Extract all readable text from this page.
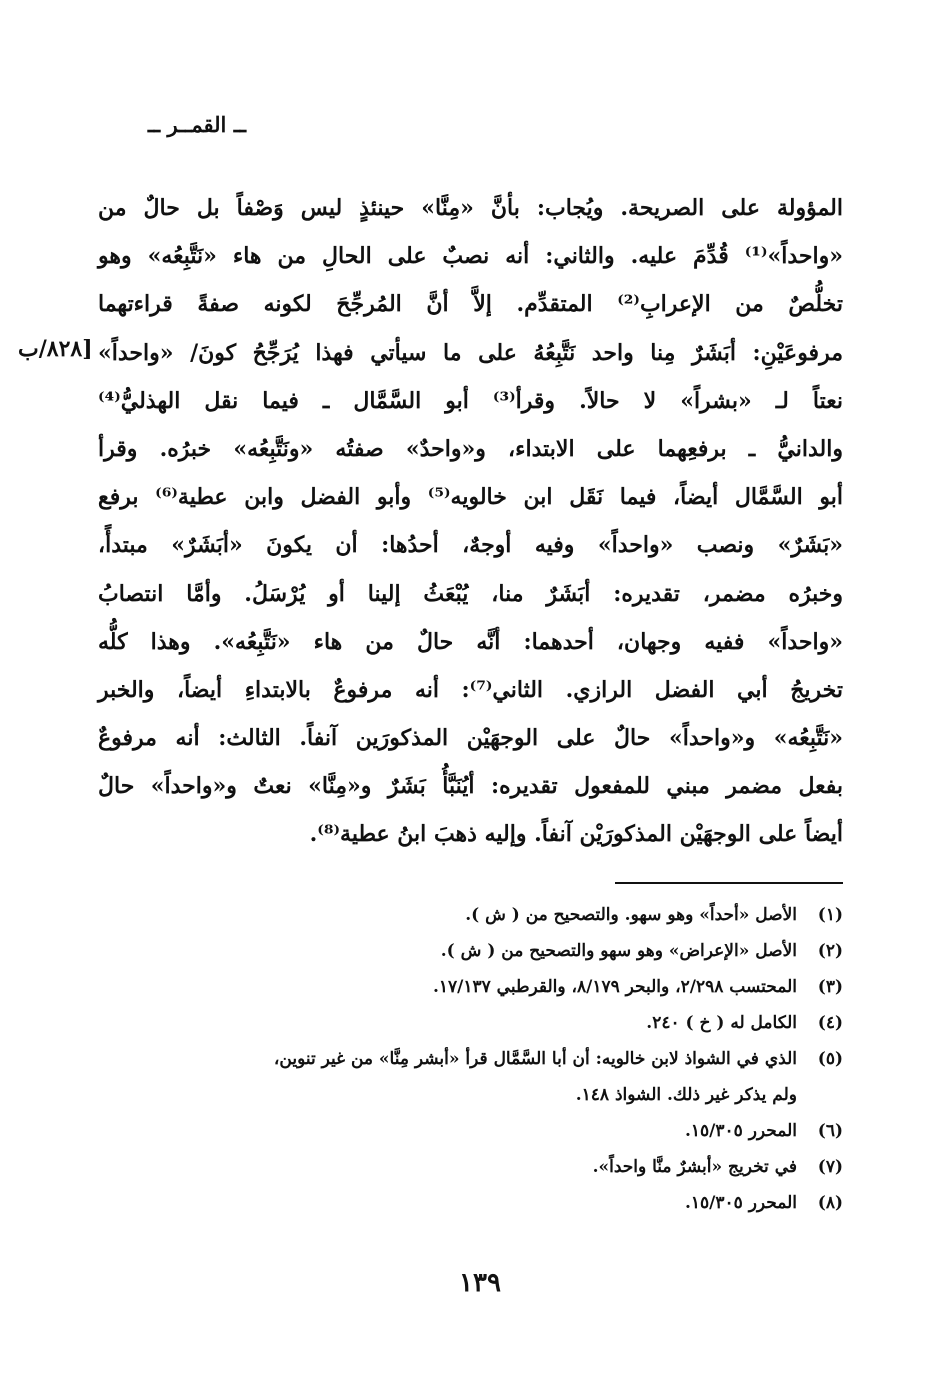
ــ القمــر ــ
[٨٢٨/ب
المؤولة على الصريحة. ويُجاب: بأنَّ «مِنَّا» حينئذٍ ليس وَصْفاً بل حالٌ من
«واحداً»⁽¹⁾ قُدِّمَ عليه. والثاني: أنه نصبٌ على الحالِ من هاء «نَتَّبِعُه» وهو
تخلُّصٌ من الإعرابِ⁽²⁾ المتقدِّم. إلاَّ أنَّ المُرجِّحَ لكونه صفةً قراءتهما
مرفوعَيْنِ: أبَشَرٌ مِنا واحد نَتَّبِعُهُ على ما سيأتي فهذا يُرَجِّحُ كونَ/ «واحداً»
نعتاً لـ «بشراً» لا حالاً. وقرأ⁽³⁾ أبو السَّمَّال ـ فيما نقل الهذليُّ⁽⁴⁾
والدانيُّ ـ برفعِهما على الابتداء، و«واحدٌ» صفتُه «ونَتَّبِعُه» خبرُه. وقرأ
أبو السَّمَّال أيضاً، فيما نَقَل ابن خالويه⁽⁵⁾ وأبو الفضل وابن عطية⁽⁶⁾ برفع
«بَشَرٌ» ونصب «واحداً» وفيه أوجهٌ، أحدُها: أن يكونَ «أبَشَرٌ» مبتدأً،
وخبرُه مضمر، تقديره: أبَشَرٌ منا، يُبْعَثُ إلينا أو يُرْسَلُ. وأمَّا انتصابُ
«واحداً» ففيه وجهان، أحدهما: أنَّه حالٌ من هاء «نَتَّبِعُه». وهذا كلُّه
تخريجُ أبي الفضل الرازي. الثاني⁽⁷⁾: أنه مرفوعٌ بالابتداءِ أيضاً، والخبر
«نَتَّبِعُه» و«واحداً» حالٌ على الوجهَيْن المذكورَين آنفاً. الثالث: أنه مرفوعٌ
بفعل مضمر مبني للمفعول تقديره: أيُنَبَّأُ بَشَرٌ و«مِنَّا» نعتٌ و«واحداً» حالٌ
أيضاً على الوجهَيْن المذكورَيْن آنفاً. وإليه ذهبَ ابنُ عطية⁽⁸⁾.
(١)
الأصل «أحداً» وهو سهو. والتصحيح من ( ش ).
(٢)
الأصل «الإعراض» وهو سهو والتصحيح من ( ش ).
(٣)
المحتسب ٢/٢٩٨، والبحر ٨/١٧٩، والقرطبي ١٧/١٣٧.
(٤)
الكامل له ( خ ) ٢٤٠.
(٥)
الذي في الشواذ لابن خالويه: أن أبا السَّمَّال قرأ «أبشر مِنَّا» من غير تنوين،
ولم يذكر غير ذلك. الشواذ ١٤٨.
(٦)
المحرر ١٥/٣٠٥.
(٧)
في تخريج «أبشرٌ منَّا واحداً».
(٨)
المحرر ١٥/٣٠٥.
١٣٩
